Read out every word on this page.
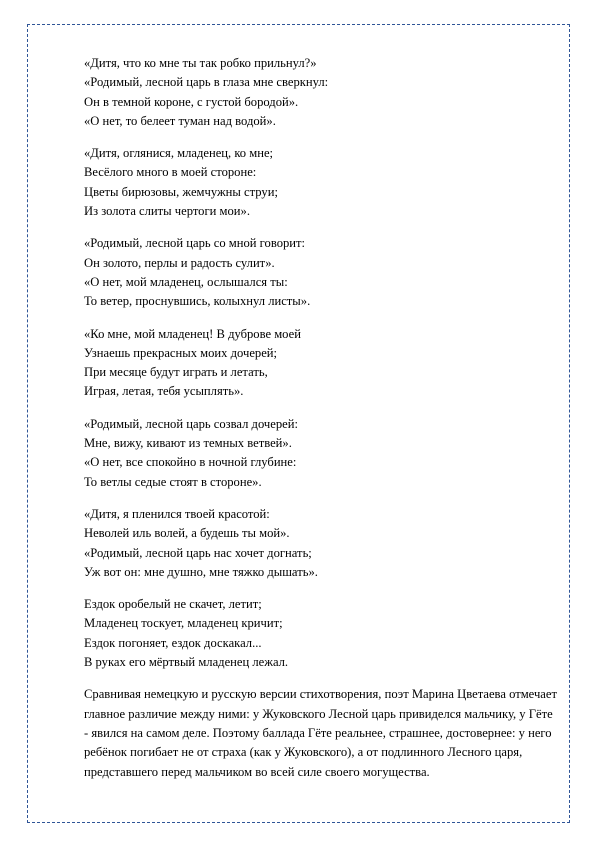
«Дитя, что ко мне ты так робко прильнул?»
«Родимый, лесной царь в глаза мне сверкнул:
Он в темной короне, с густой бородой».
«О нет, то белеет туман над водой».
«Дитя, оглянися, младенец, ко мне;
Весёлого много в моей стороне:
Цветы бирюзовы, жемчужны струи;
Из золота слиты чертоги мои».
«Родимый, лесной царь со мной говорит:
Он золото, перлы и радость сулит».
«О нет, мой младенец, ослышался ты:
То ветер, проснувшись, колыхнул листы».
«Ко мне, мой младенец! В дуброве моей
Узнаешь прекрасных моих дочерей;
При месяце будут играть и летать,
Играя, летая, тебя усыплять».
«Родимый, лесной царь созвал дочерей:
Мне, вижу, кивают из темных ветвей».
«О нет, все спокойно в ночной глубине:
То ветлы седые стоят в стороне».
«Дитя, я пленился твоей красотой:
Неволей иль волей, а будешь ты мой».
«Родимый, лесной царь нас хочет догнать;
Уж вот он: мне душно, мне тяжко дышать».
Ездок оробелый не скачет, летит;
Младенец тоскует, младенец кричит;
Ездок погоняет, ездок доскакал...
В руках его мёртвый младенец лежал.

Сравнивая немецкую и русскую версии стихотворения, поэт Марина Цветаева отмечает главное различие между ними: у Жуковского Лесной царь привиделся мальчику, у Гёте - явился на самом деле. Поэтому баллада Гёте реальнее, страшнее, достовернее: у него ребёнок погибает не от страха (как у Жуковского), а от подлинного Лесного царя, представшего перед мальчиком во всей силе своего могущества.
